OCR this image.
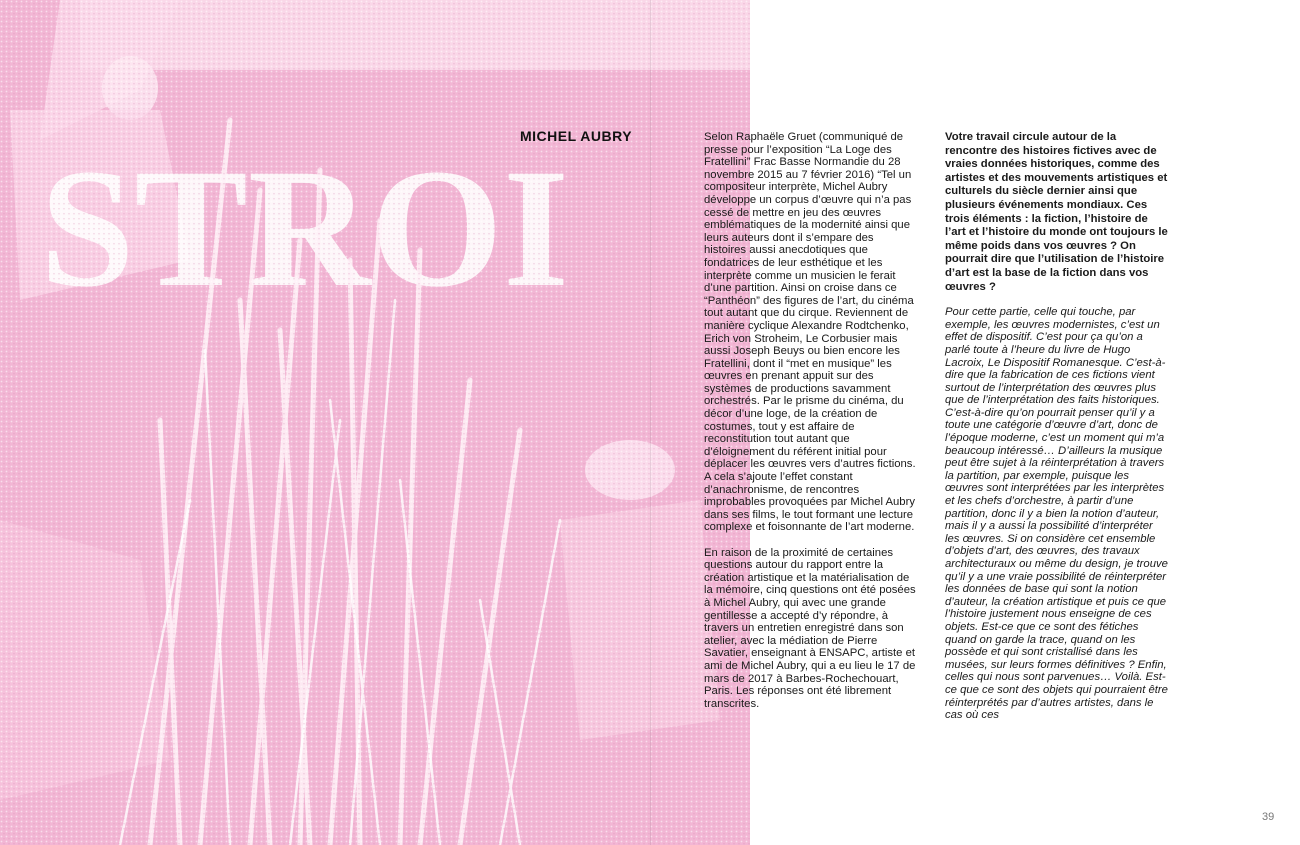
MICHEL AUBRY	Selon Raphaële Gruet (communiqué de presse pour l’exposition “La Loge des Fratellini” Frac Basse Normandie du 28 novembre 2015 au 7 février 2016) “Tel un compositeur interprète, Michel Aubry développe un corpus d’œuvre qui n’a pas cessé de mettre en jeu des œuvres emblématiques de la modernité ainsi que leurs auteurs dont il s’empare des histoires aussi anecdotiques que fondatrices de leur esthétique et les interprète comme un musicien le ferait d’une partition. Ainsi on croise dans ce “Panthéon” des figures de l’art, du cinéma tout autant que du cirque. Reviennent de manière cyclique Alexandre Rodtchenko, Erich von Stroheim, Le Corbusier mais aussi Joseph Beuys ou bien encore les Fratellini, dont il “met en musique” les œuvres en prenant appuit sur des systèmes de productions savamment orchestrés. Par le prisme du cinéma, du décor d’une loge, de la création de costumes, tout y est affaire de reconstitution tout autant que d’éloignement du référent initial pour déplacer les œuvres vers d’autres fictions. A cela s’ajoute l’effet constant d’anachronisme, de rencontres improbables provoquées par Michel Aubry dans ses films, le tout formant une lecture complexe et foisonnante de l’art moderne.

En raison de la proximité de certaines questions autour du rapport entre la création artistique et la matérialisation de la mémoire, cinq questions ont été posées à Michel Aubry, qui avec une grande gentillesse a accepté d’y répondre, à travers un entretien enregistré dans son atelier, avec la médiation de Pierre Savatier, enseignant à ENSAPC, artiste et ami de Michel Aubry, qui a eu lieu le 17 de mars de 2017 à Barbes-Rochechouart, Paris. Les réponses ont été librement transcrites.

Votre travail circule autour de la rencontre des histoires fictives avec de vraies données historiques, comme des artistes et des mouvements artistiques et culturels du siècle dernier ainsi que plusieurs événements mondiaux. Ces trois éléments : la fiction, l’histoire de l’art et l’histoire du monde ont toujours le même poids dans vos œuvres ? On pourrait dire que l’utilisation de l’histoire d’art est la base de la fiction dans vos œuvres ?

Pour cette partie, celle qui touche, par exemple, les œuvres modernistes, c’est un effet de dispositif. C’est pour ça qu’on a parlé toute à l’heure du livre de Hugo Lacroix, Le Dispositif Romanesque. C’est-à-dire que la fabrication de ces fictions vient surtout de l’interprétation des œuvres plus que de l’interprétation des faits historiques. C’est-à-dire qu’on pourrait penser qu’il y a toute une catégorie d’œuvre d’art, donc de l’époque moderne, c’est un moment qui m’a beaucoup intéressé… D’ailleurs la musique peut être sujet à la réinterprétation à travers la partition, par exemple, puisque les œuvres sont interprétées par les interprètes et les chefs d’orchestre, à partir d’une partition, donc il y a bien la notion d’auteur, mais il y a aussi la possibilité d’interpréter les œuvres. Si on considère cet ensemble d’objets d’art, des œuvres, des travaux architecturaux ou même du design, je trouve qu’il y a une vraie possibilité de réinterpréter les données de base qui sont la notion d’auteur, la création artistique et puis ce que l’histoire justement nous enseigne de ces objets. Est-ce que ce sont des fétiches quand on garde la trace, quand on les possède et qui sont cristallisé dans les musées, sur leurs formes définitives ? Enfin, celles qui nous sont parvenues… Voilà. Est-ce que ce sont des objets qui pourraient être réinterprétés par d’autres artistes, dans le cas où ces

39
